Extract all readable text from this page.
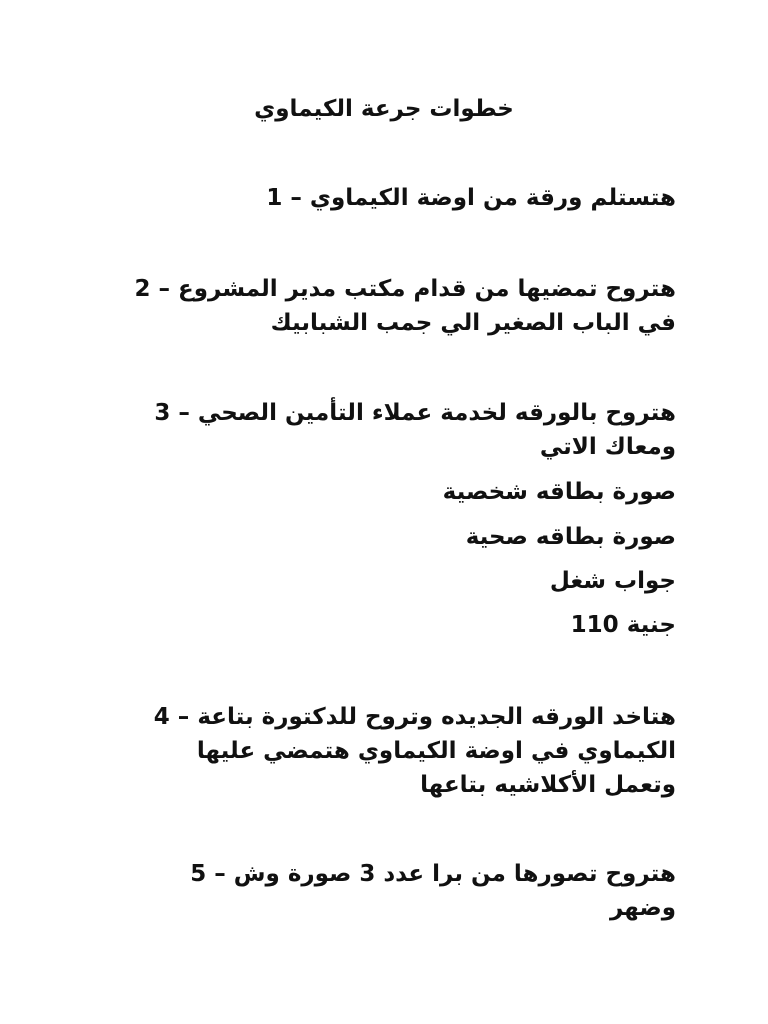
خطوات جرعة الكيماوي
هتستلم ورقة من اوضة الكيماوي – 1
هتروح تمضيها من قدام مكتب مدير المشروع – 2
في الباب الصغير الي جمب الشبابيك
هتروح بالورقه لخدمة عملاء التأمين الصحي – 3
ومعاك الاتي
صورة بطاقه شخصية
صورة بطاقه صحية
جواب شغل
جنية 110
هتاخد الورقه الجديده وتروح للدكتورة بتاعة – 4
الكيماوي في اوضة الكيماوي هتمضي عليها
وتعمل الأكلاشيه بتاعها
هتروح تصورها من برا عدد 3 صورة وش – 5
وضهر
